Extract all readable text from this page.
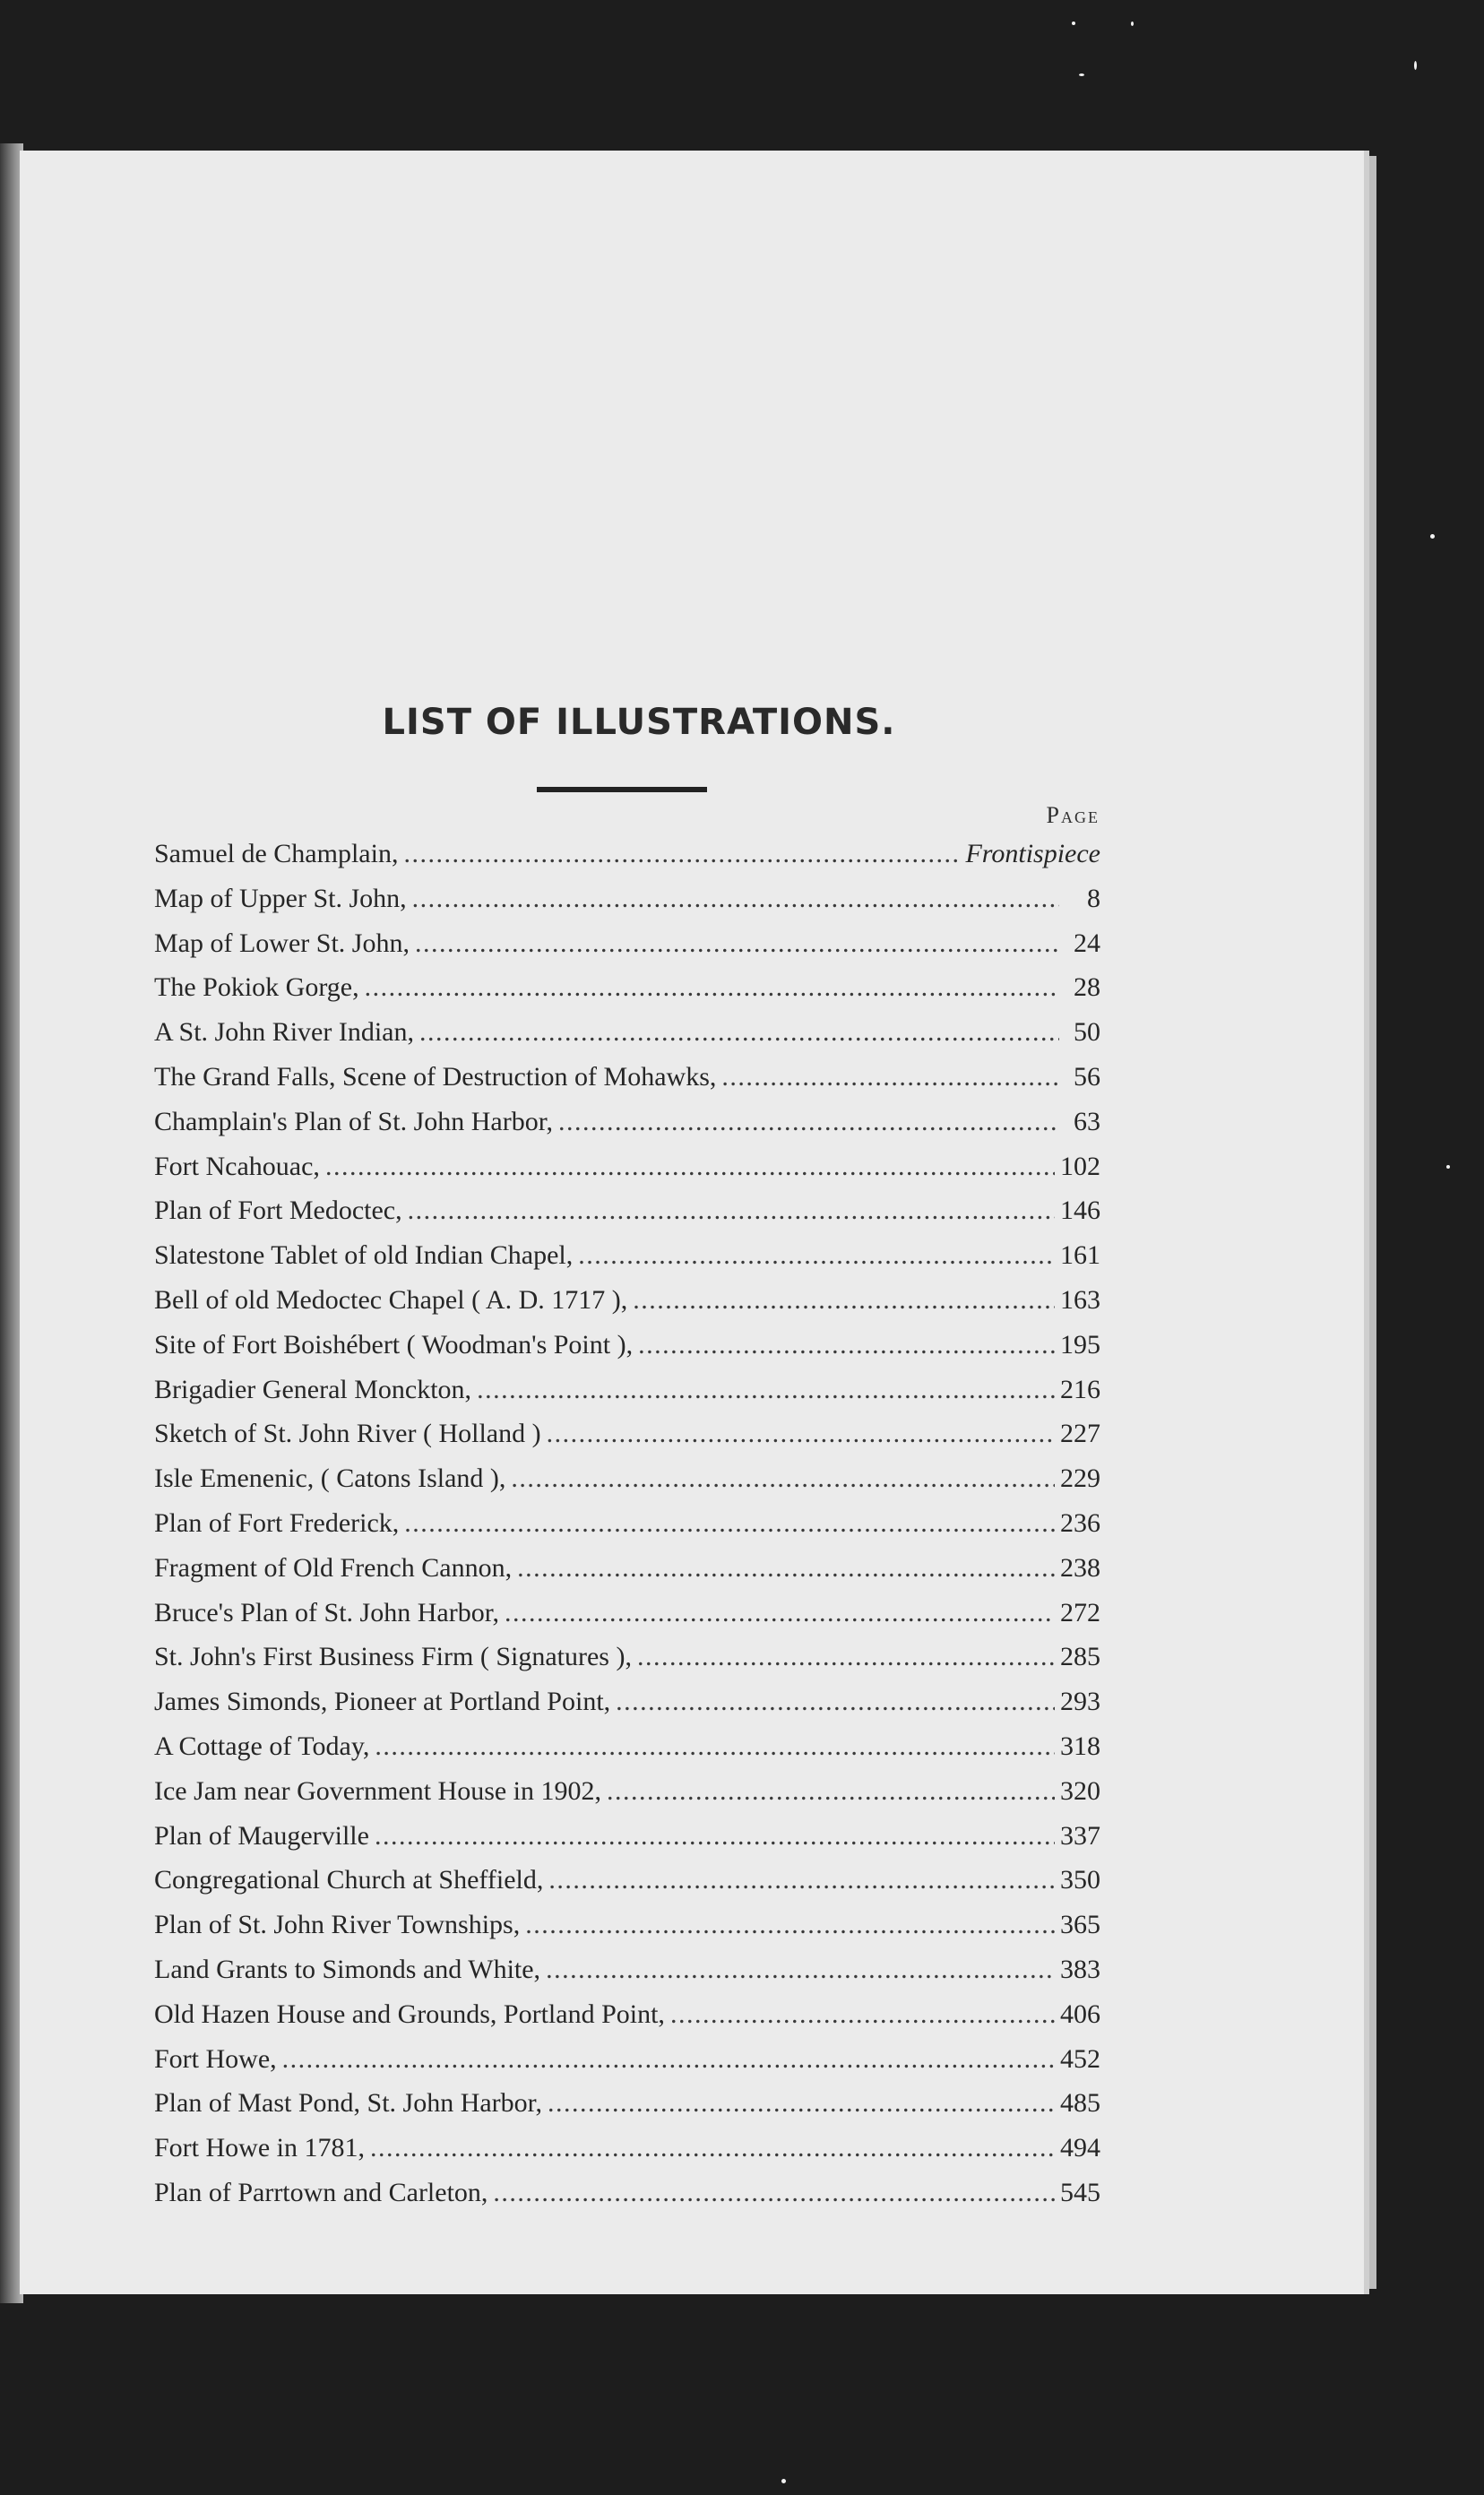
LIST OF ILLUSTRATIONS.
Page
Samuel de Champlain, . . .	Frontispiece
Map of Upper St. John, . . .	8
Map of Lower St. John, . . .	24
The Pokiok Gorge, . . .	28
A St. John River Indian, . . .	50
The Grand Falls, Scene of Destruction of Mohawks, . . .	56
Champlain's Plan of St. John Harbor, . . .	63
Fort Ncahouac, . . .	102
Plan of Fort Medoctec, . . .	146
Slatestone Tablet of old Indian Chapel, . . .	161
Bell of old Medoctec Chapel ( A. D. 1717 ), . . .	163
Site of Fort Boishébert ( Woodman's Point ), . . .	195
Brigadier General Monckton, . . .	216
Sketch of St. John River ( Holland ) . . .	227
Isle Emenenic, ( Catons Island ), . . .	229
Plan of Fort Frederick, . . .	236
Fragment of Old French Cannon, . . .	238
Bruce's Plan of St. John Harbor, . . .	272
St. John's First Business Firm ( Signatures ), . . .	285
James Simonds, Pioneer at Portland Point, . . .	293
A Cottage of Today, . . .	318
Ice Jam near Government House in 1902, . . .	320
Plan of Maugerville . . .	337
Congregational Church at Sheffield, . . .	350
Plan of St. John River Townships, . . .	365
Land Grants to Simonds and White, . . .	383
Old Hazen House and Grounds, Portland Point, . . .	406
Fort Howe, . . .	452
Plan of Mast Pond, St. John Harbor, . . .	485
Fort Howe in 1781, . . .	494
Plan of Parrtown and Carleton, . . .	545
